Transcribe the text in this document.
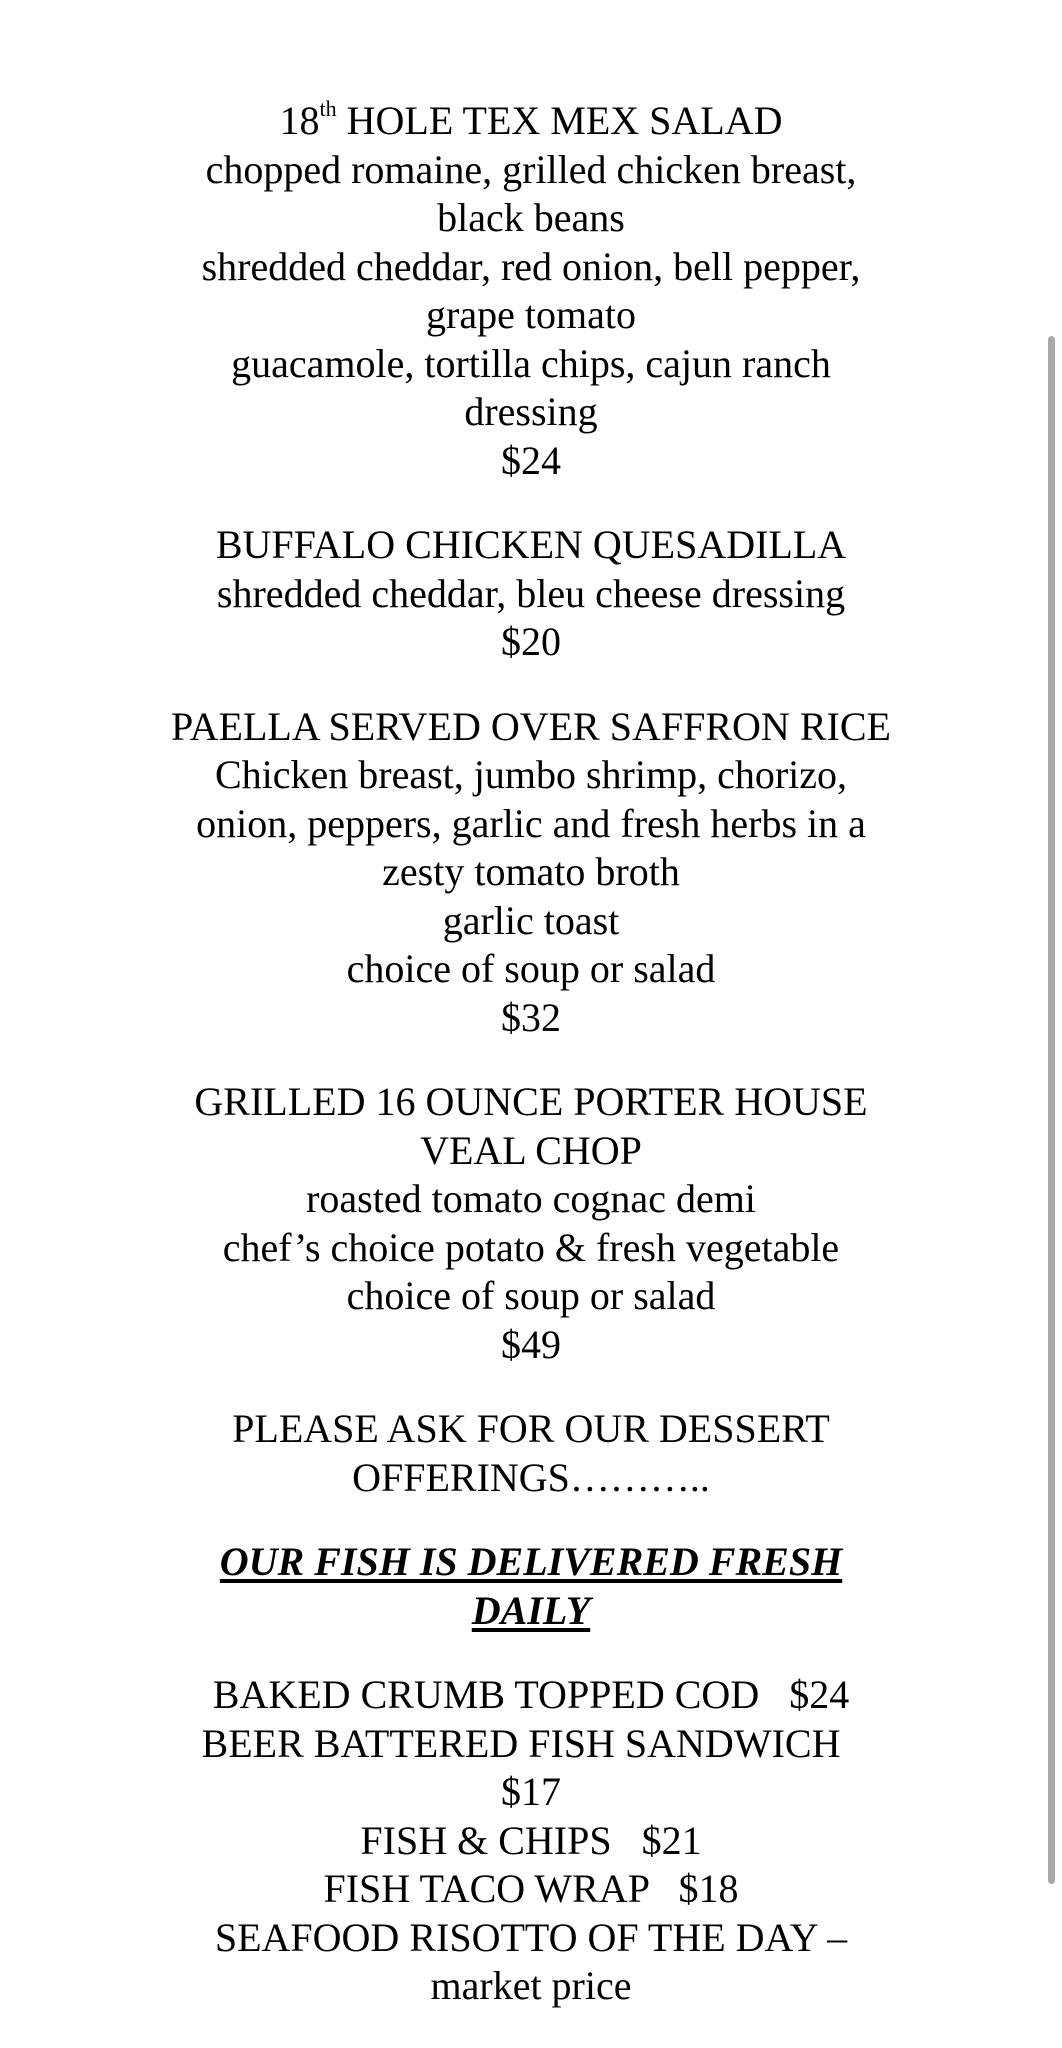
18th HOLE TEX MEX SALAD
chopped romaine, grilled chicken breast,
black beans
shredded cheddar, red onion, bell pepper,
grape tomato
guacamole, tortilla chips, cajun ranch
dressing
$24
BUFFALO CHICKEN QUESADILLA
shredded cheddar, bleu cheese dressing
$20
PAELLA SERVED OVER SAFFRON RICE
Chicken breast, jumbo shrimp, chorizo,
onion, peppers, garlic and fresh herbs in a
zesty tomato broth
garlic toast
choice of soup or salad
$32
GRILLED 16 OUNCE PORTER HOUSE
VEAL CHOP
roasted tomato cognac demi
chef’s choice potato & fresh vegetable
choice of soup or salad
$49
PLEASE ASK FOR OUR DESSERT
OFFERINGS………..
OUR FISH IS DELIVERED FRESH
DAILY
BAKED CRUMB TOPPED COD   $24
BEER BATTERED FISH SANDWICH
$17
FISH & CHIPS   $21
FISH TACO WRAP   $18
SEAFOOD RISOTTO OF THE DAY –
market price
